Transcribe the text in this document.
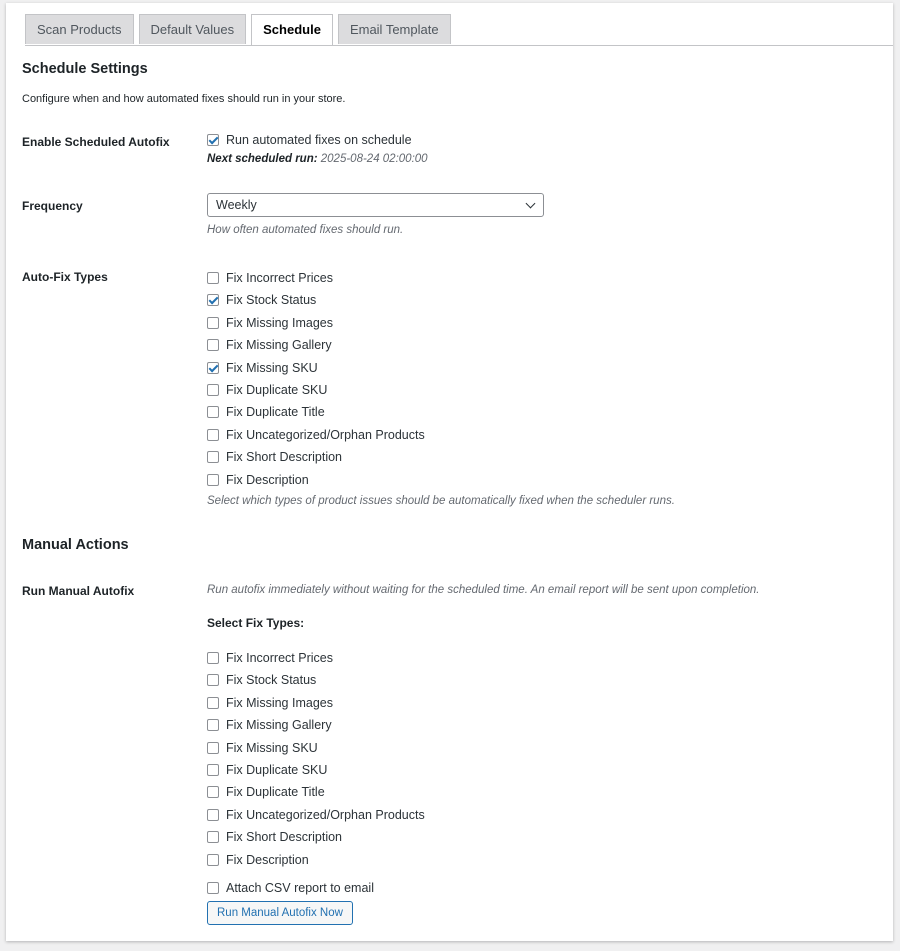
Scan Products	Default Values	Schedule	Email Template
Schedule Settings
Configure when and how automated fixes should run in your store.
Enable Scheduled Autofix	Run automated fixes on schedule
Next scheduled run: 2025-08-24 02:00:00
Frequency	Weekly
How often automated fixes should run.
Auto-Fix Types	Fix Incorrect Prices
Fix Stock Status
Fix Missing Images
Fix Missing Gallery
Fix Missing SKU
Fix Duplicate SKU
Fix Duplicate Title
Fix Uncategorized/Orphan Products
Fix Short Description
Fix Description
Select which types of product issues should be automatically fixed when the scheduler runs.
Manual Actions
Run Manual Autofix	Run autofix immediately without waiting for the scheduled time. An email report will be sent upon completion.
Select Fix Types:
Fix Incorrect Prices
Fix Stock Status
Fix Missing Images
Fix Missing Gallery
Fix Missing SKU
Fix Duplicate SKU
Fix Duplicate Title
Fix Uncategorized/Orphan Products
Fix Short Description
Fix Description
Attach CSV report to email
Run Manual Autofix Now
